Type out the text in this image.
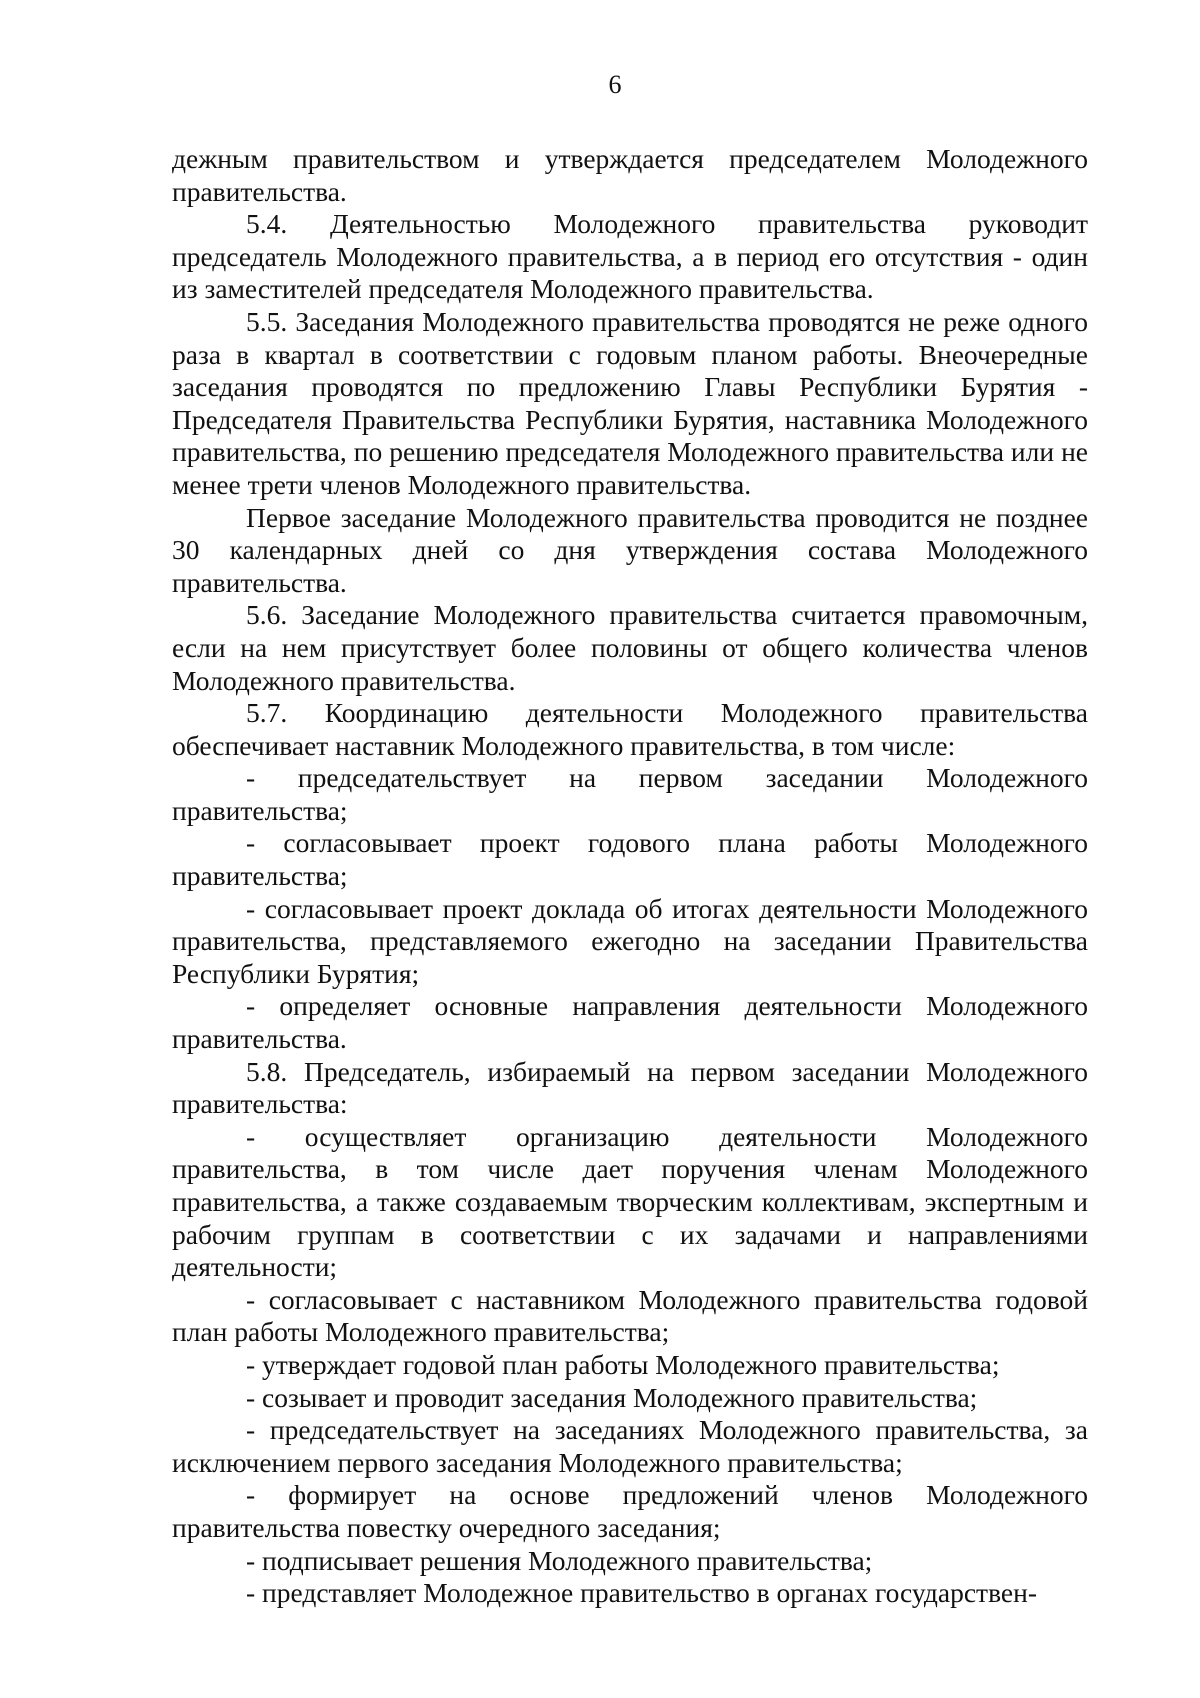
6

дежным правительством и утверждается председателем Молодежного правительства.

5.4. Деятельностью Молодежного правительства руководит председатель Молодежного правительства, а в период его отсутствия - один из заместителей председателя Молодежного правительства.

5.5. Заседания Молодежного правительства проводятся не реже одного раза в квартал в соответствии с годовым планом работы. Внеочередные заседания проводятся по предложению Главы Республики Бурятия - Председателя Правительства Республики Бурятия, наставника Молодежного правительства, по решению председателя Молодежного правительства или не менее трети членов Молодежного правительства.

Первое заседание Молодежного правительства проводится не позднее 30 календарных дней со дня утверждения состава Молодежного правительства.

5.6. Заседание Молодежного правительства считается правомочным, если на нем присутствует более половины от общего количества членов Молодежного правительства.

5.7. Координацию деятельности Молодежного правительства обеспечивает наставник Молодежного правительства, в том числе:

- председательствует на первом заседании Молодежного правительства;

- согласовывает проект годового плана работы Молодежного правительства;

- согласовывает проект доклада об итогах деятельности Молодежного правительства, представляемого ежегодно на заседании Правительства Республики Бурятия;

- определяет основные направления деятельности Молодежного правительства.

5.8. Председатель, избираемый на первом заседании Молодежного правительства:

- осуществляет организацию деятельности Молодежного правительства, в том числе дает поручения членам Молодежного правительства, а также создаваемым творческим коллективам, экспертным и рабочим группам в соответствии с их задачами и направлениями деятельности;

- согласовывает с наставником Молодежного правительства годовой план работы Молодежного правительства;

- утверждает годовой план работы Молодежного правительства;

- созывает и проводит заседания Молодежного правительства;

- председательствует на заседаниях Молодежного правительства, за исключением первого заседания Молодежного правительства;

- формирует на основе предложений членов Молодежного правительства повестку очередного заседания;

- подписывает решения Молодежного правительства;

- представляет Молодежное правительство в органах государствен-
